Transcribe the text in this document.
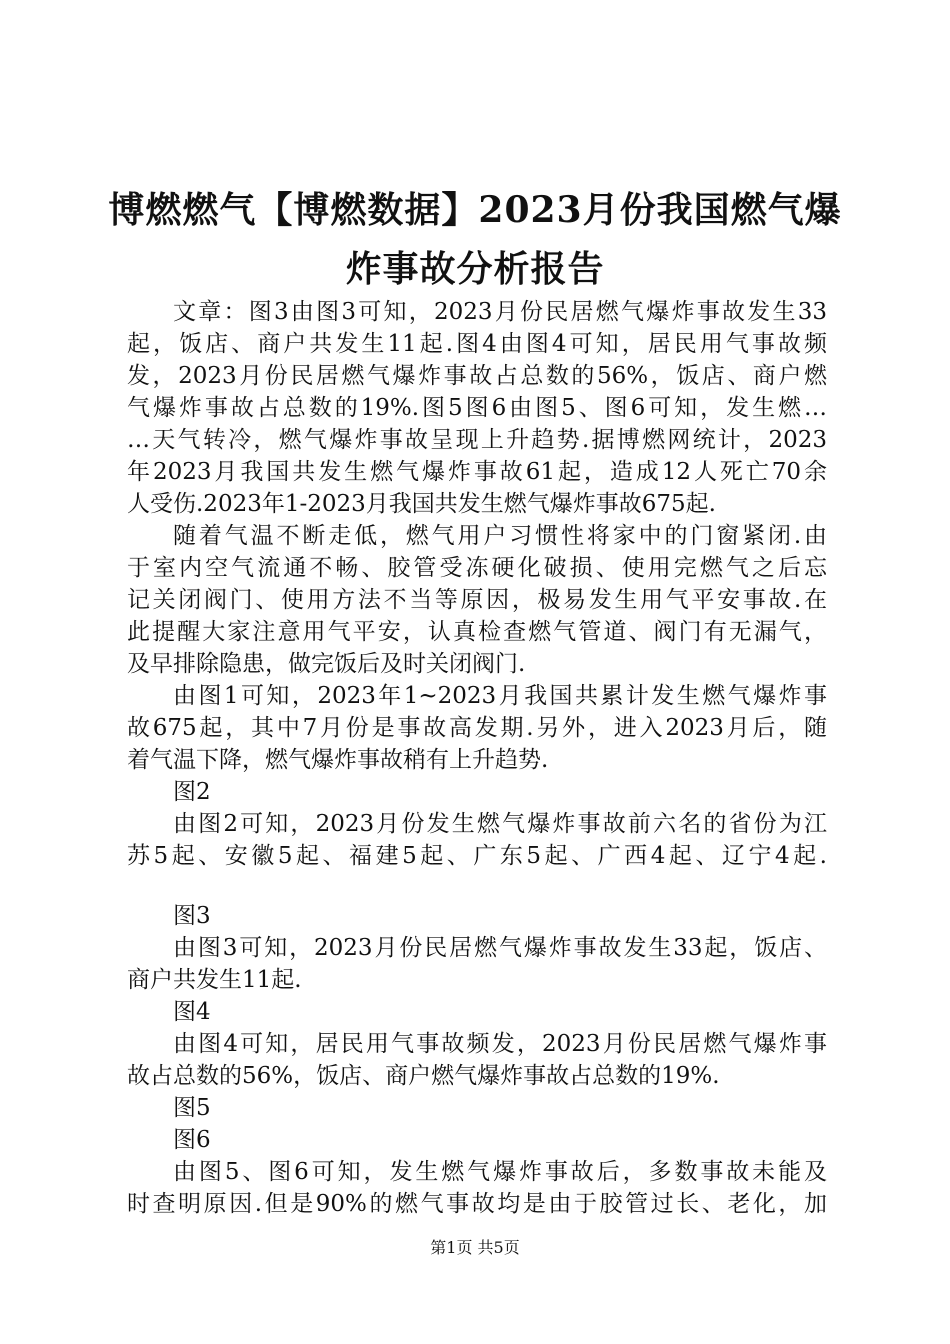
博燃燃气【博燃数据】2023月份我国燃气爆
炸事故分析报告
文章：图3由图3可知，2023月份民居燃气爆炸事故发生33
起，饭店、商户共发生11起.图4由图4可知，居民用气事故频
发，2023月份民居燃气爆炸事故占总数的56%，饭店、商户燃
气爆炸事故占总数的19%.图5图6由图5、图6可知，发生燃…
…天气转冷，燃气爆炸事故呈现上升趋势.据博燃网统计，2023
年2023月我国共发生燃气爆炸事故61起，造成12人死亡70余
人受伤.2023年1-2023月我国共发生燃气爆炸事故675起.
随着气温不断走低，燃气用户习惯性将家中的门窗紧闭.由
于室内空气流通不畅、胶管受冻硬化破损、使用完燃气之后忘
记关闭阀门、使用方法不当等原因，极易发生用气平安事故.在
此提醒大家注意用气平安，认真检查燃气管道、阀门有无漏气，
及早排除隐患，做完饭后及时关闭阀门.
由图1可知，2023年1~2023月我国共累计发生燃气爆炸事
故675起，其中7月份是事故高发期.另外，进入2023月后，随
着气温下降，燃气爆炸事故稍有上升趋势.
图2
由图2可知，2023月份发生燃气爆炸事故前六名的省份为江
苏5起、安徽5起、福建5起、广东5起、广西4起、辽宁4起.
图3
由图3可知，2023月份民居燃气爆炸事故发生33起，饭店、
商户共发生11起.
图4
由图4可知，居民用气事故频发，2023月份民居燃气爆炸事
故占总数的56%，饭店、商户燃气爆炸事故占总数的19%.
图5
图6
由图5、图6可知，发生燃气爆炸事故后，多数事故未能及
时查明原因.但是90%的燃气事故均是由于胶管过长、老化，加
第1页 共5页
